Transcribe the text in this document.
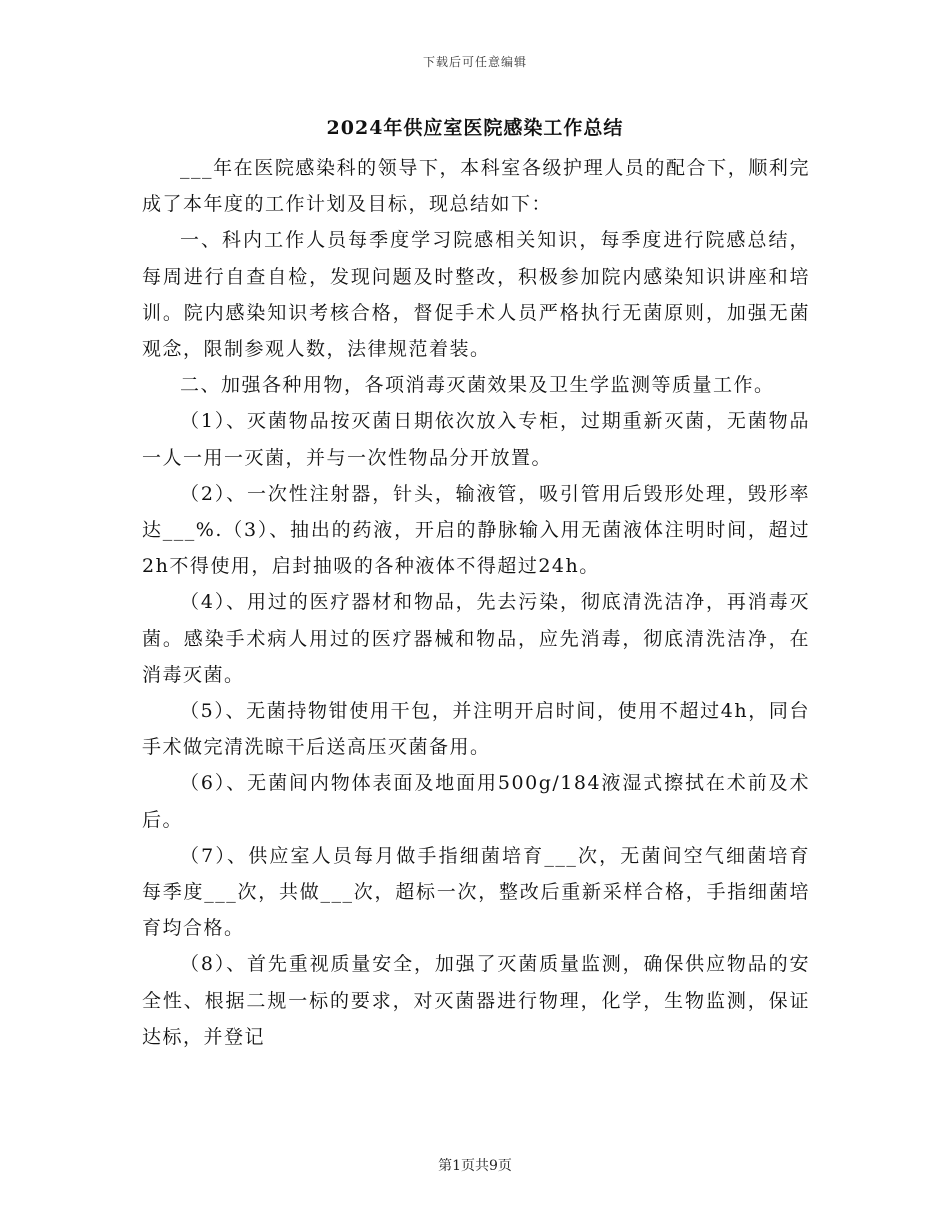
下载后可任意编辑
2024年供应室医院感染工作总结

___年在医院感染科的领导下，本科室各级护理人员的配合下，顺利完成了本年度的工作计划及目标，现总结如下：

一、科内工作人员每季度学习院感相关知识，每季度进行院感总结，每周进行自查自检，发现问题及时整改，积极参加院内感染知识讲座和培训。院内感染知识考核合格，督促手术人员严格执行无菌原则，加强无菌观念，限制参观人数，法律规范着装。

二、加强各种用物，各项消毒灭菌效果及卫生学监测等质量工作。

（1）、灭菌物品按灭菌日期依次放入专柜，过期重新灭菌，无菌物品一人一用一灭菌，并与一次性物品分开放置。

（2）、一次性注射器，针头，输液管，吸引管用后毁形处理，毁形率达___%.（3）、抽出的药液，开启的静脉输入用无菌液体注明时间，超过2h不得使用，启封抽吸的各种液体不得超过24h。

（4）、用过的医疗器材和物品，先去污染，彻底清洗洁净，再消毒灭菌。感染手术病人用过的医疗器械和物品，应先消毒，彻底清洗洁净，在消毒灭菌。

（5）、无菌持物钳使用干包，并注明开启时间，使用不超过4h，同台手术做完清洗晾干后送高压灭菌备用。

（6）、无菌间内物体表面及地面用500g/184液湿式擦拭在术前及术后。

（7）、供应室人员每月做手指细菌培育___次，无菌间空气细菌培育每季度___次，共做___次，超标一次，整改后重新采样合格，手指细菌培育均合格。

（8）、首先重视质量安全，加强了灭菌质量监测，确保供应物品的安全性、根据二规一标的要求，对灭菌器进行物理，化学，生物监测，保证达标，并登记

第1页共9页
